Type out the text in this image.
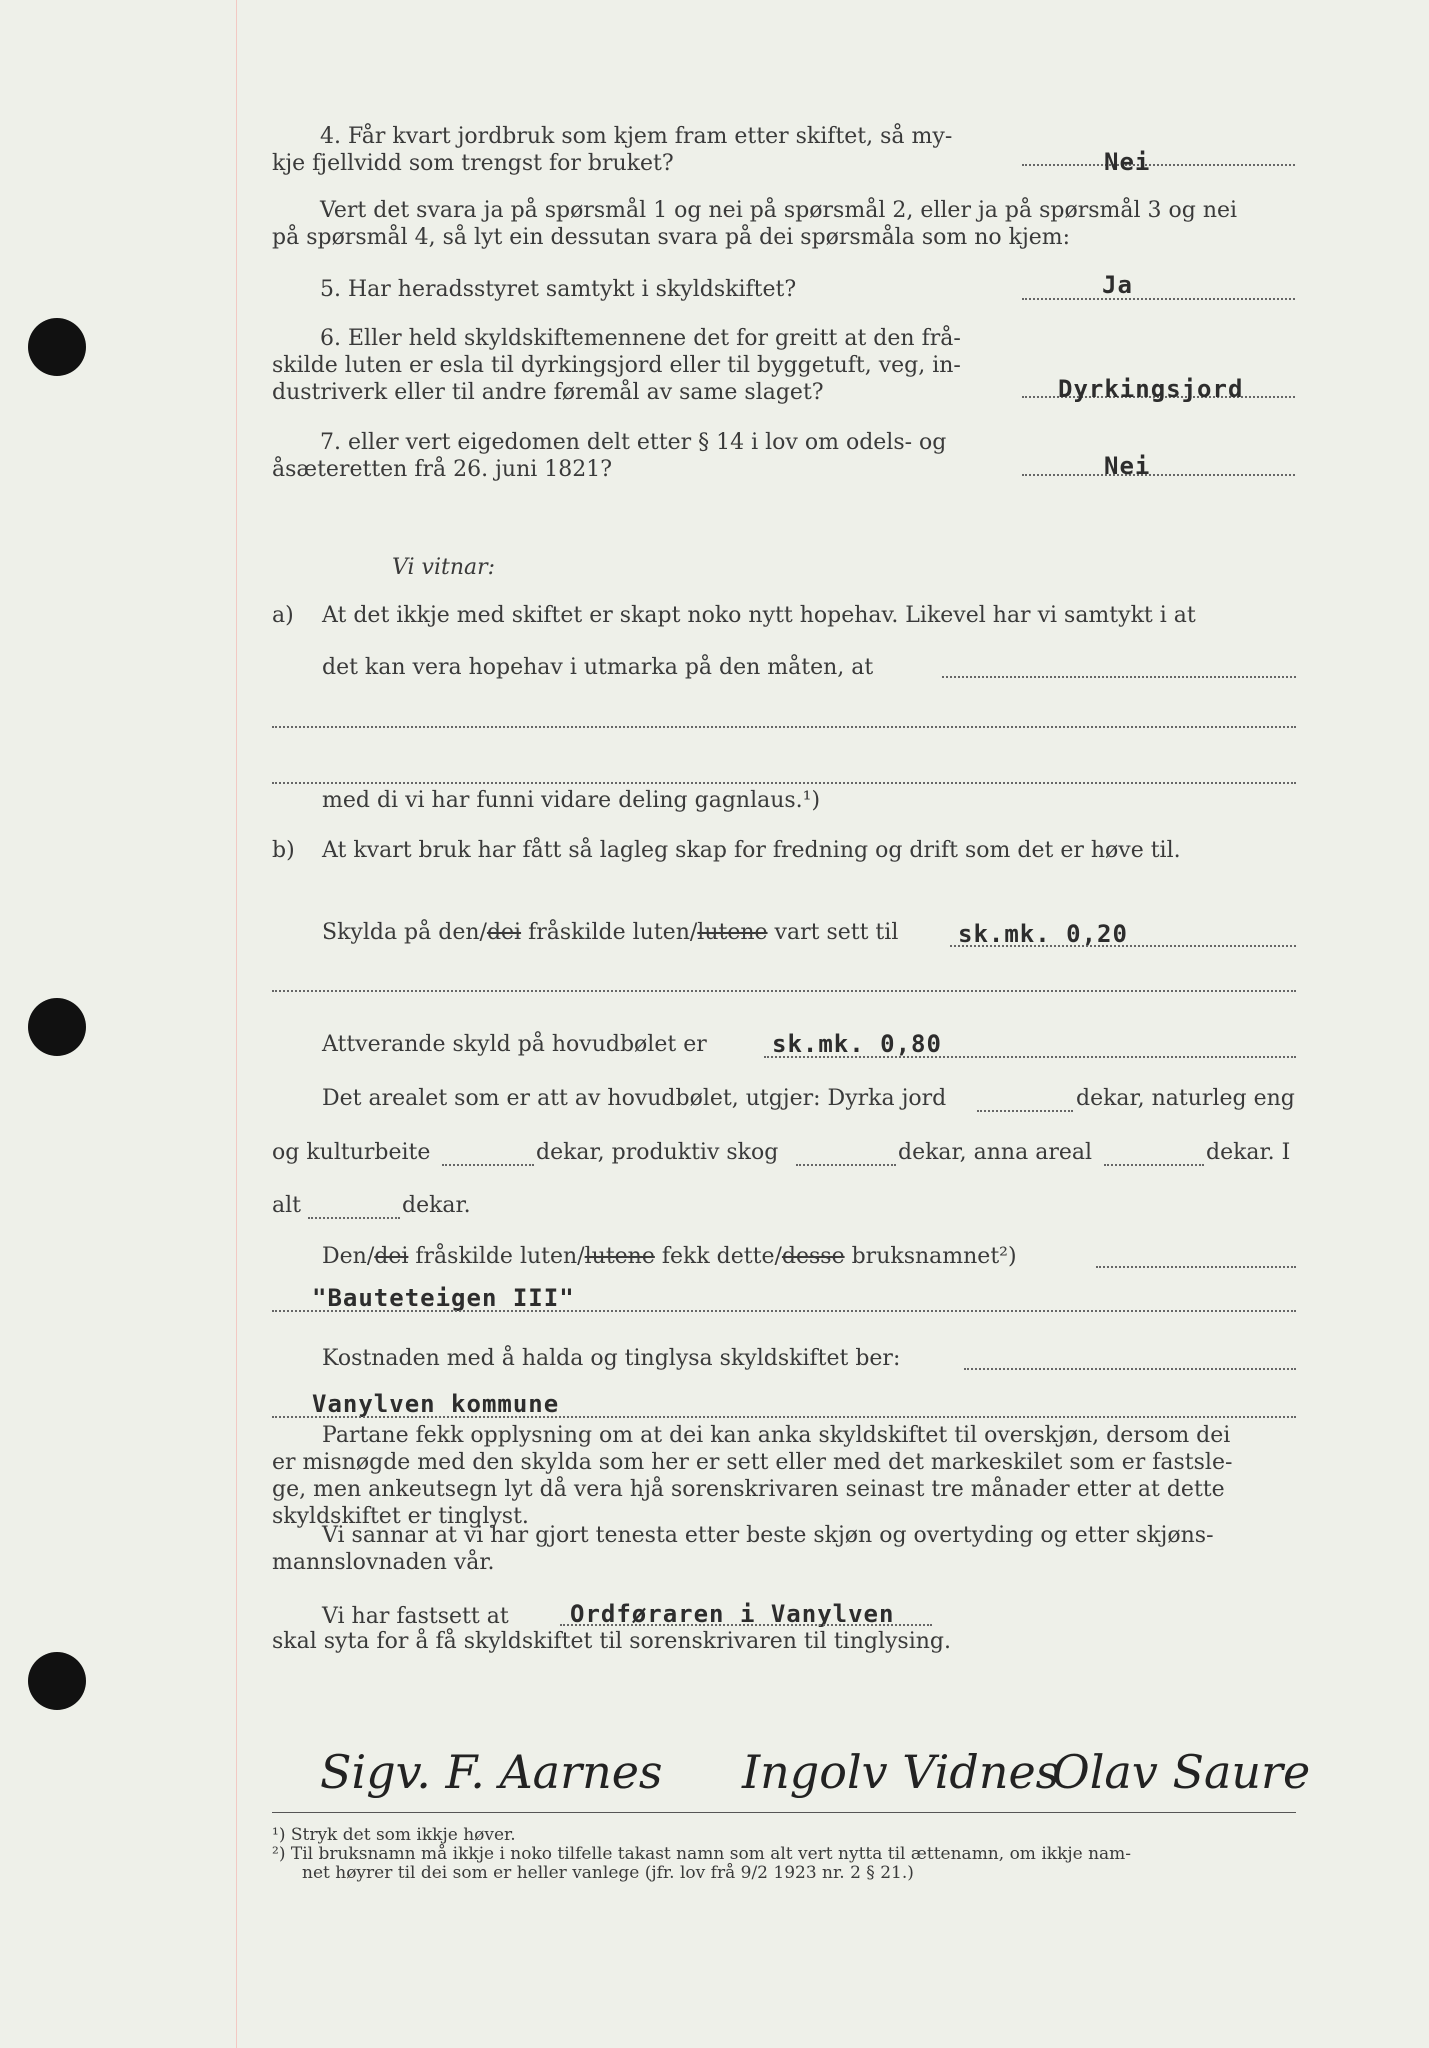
4. Får kvart jordbruk som kjem fram etter skiftet, så my-
kje fjellvidd som trengst for bruket?	Nei
Vert det svara ja på spørsmål 1 og nei på spørsmål 2, eller ja på spørsmål 3 og nei
på spørsmål 4, så lyt ein dessutan svara på dei spørsmåla som no kjem:
5. Har heradsstyret samtykt i skyldskiftet?	Ja
6. Eller held skyldskiftemennene det for greitt at den frå-
skilde luten er esla til dyrkingsjord eller til byggetuft, veg, in-
dustriverk eller til andre føremål av same slaget?	Dyrkingsjord
7. eller vert eigedomen delt etter § 14 i lov om odels- og
åsæteretten frå 26. juni 1821?	Nei
Vi vitnar:
a) At det ikkje med skiftet er skapt noko nytt hopehav. Likevel har vi samtykt i at
det kan vera hopehav i utmarka på den måten, at
med di vi har funni vidare deling gagnlaus.¹)
b) At kvart bruk har fått så lagleg skap for fredning og drift som det er høve til.
Skylda på den/dei fråskilde luten/lutene vart sett til sk.mk. 0,20
Attverande skyld på hovudbølet er	sk.mk. 0,80
Det arealet som er att av hovudbølet, utgjer: Dyrka jord	dekar, naturleg eng
og kulturbeite	dekar, produktiv skog	dekar, anna areal	dekar. I
alt	dekar.
Den/dei fråskilde luten/lutene fekk dette/desse bruksnamnet²)
"Bauteteigen III"
Kostnaden med å halda og tinglysa skyldskiftet ber:
Vanylven kommune
Partane fekk opplysning om at dei kan anka skyldskiftet til overskjøn, dersom dei
er misnøgde med den skylda som her er sett eller med det markeskilet som er fastsle-
ge, men ankeutsegn lyt då vera hjå sorenskrivaren seinast tre månader etter at dette
skyldskiftet er tinglyst.
Vi sannar at vi har gjort tenesta etter beste skjøn og overtyding og etter skjøns-
mannslovnaden vår.
Vi har fastsett at	Ordføraren i Vanylven
skal syta for å få skyldskiftet til sorenskrivaren til tinglysing.
Sigv. F. Aarnes Ingolv Vidnes
Olav Saure
¹) Stryk det som ikkje høver.
²) Til bruksnamn må ikkje i noko tilfelle takast namn som alt vert nytta til ættenamn, om ikkje nam-
net høyrer til dei som er heller vanlege (jfr. lov frå 9/2 1923 nr. 2 § 21.)
